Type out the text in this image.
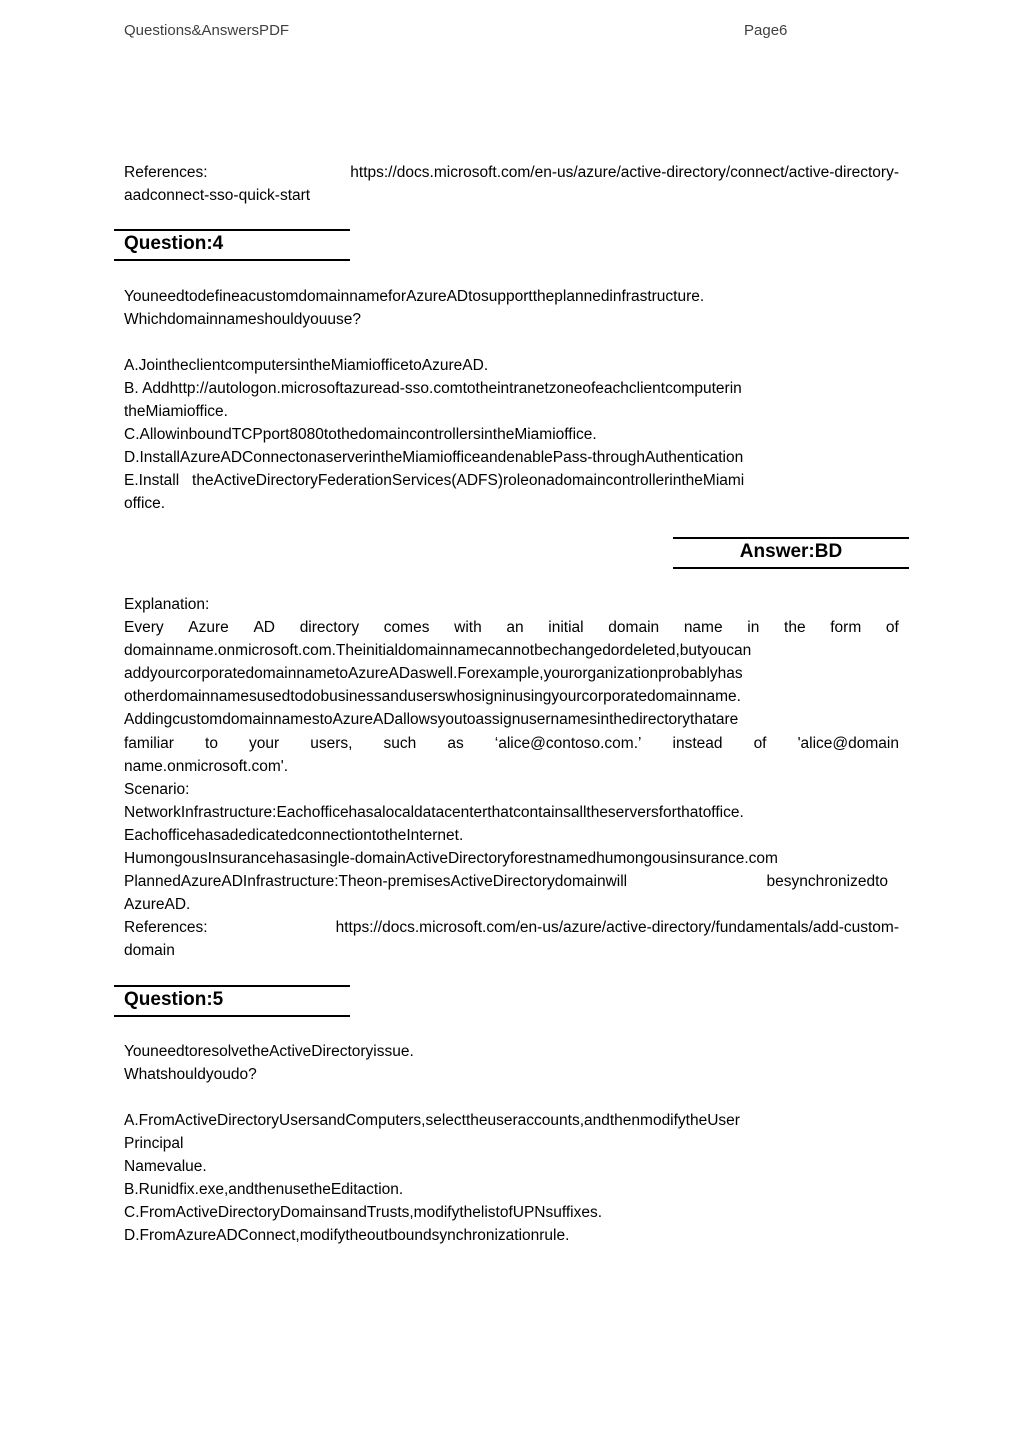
Questions&AnswersPDF	Page6
References:	https://docs.microsoft.com/en-us/azure/active-directory/connect/active-directory-
aadconnect-sso-quick-start
Question:4
YouneedtodefineacustomdomainnameforAzureADtosupporttheplannedinfrastructure.
Whichdomainnameshouldyouuse?
A.JointheclientcomputersintheMiamiofficetoAzureAD.
B. Addhttp://autologon.microsoftazuread-sso.comtotheintranetzoneofeachclientcomputerin
theMiamioffice.
C.AllowinboundTCPport8080tothedomaincontrollersintheMiamioffice.
D.InstallAzureADConnectonaserverintheMiamiofficeandenablePass-throughAuthentication
E.Install   theActiveDirectoryFederationServices(ADFS)roleonadomaincontrollerintheMiami
office.
Answer:BD
Explanation:
Every Azure AD directory comes with an initial domain name in the form of
domainname.onmicrosoft.com.Theinitialdomainnamecannotbechangedordeleted,butyoucan
addyourcorporatedomainnametoAzureADaswell.Forexample,yourorganizationprobablyhas
otherdomainnamesusedtodobusinessanduserswhosigninusingyourcorporatedomainname.
AddingcustomdomainnamestoAzureADallowsyoutoassignusernamesinthedirectorythatare
familiar to your users, such as ‘alice@contoso.com.’ instead of 'alice@domain
name.onmicrosoft.com'.
Scenario:
NetworkInfrastructure:Eachofficehasalocaldatacenterthatcontainsalltheserversforthatoffice.
EachofficehasadedicatedconnectiontotheInternet.
HumongousInsurancehasasingle-domainActiveDirectoryforestnamedhumongousinsurance.com
PlannedAzureADInfrastructure:Theon-premisesActiveDirectorydomainwill	besynchronizedto
AzureAD.
References:	https://docs.microsoft.com/en-us/azure/active-directory/fundamentals/add-custom-
domain
Question:5
YouneedtoresolvetheActiveDirectoryissue.
Whatshouldyoudo?
A.FromActiveDirectoryUsersandComputers,selecttheuseraccounts,andthenmodifytheUser
Principal
Namevalue.
B.Runidfix.exe,andthenusetheEditaction.
C.FromActiveDirectoryDomainsandTrusts,modifythelistofUPNsuffixes.
D.FromAzureADConnect,modifytheoutboundsynchronizationrule.
